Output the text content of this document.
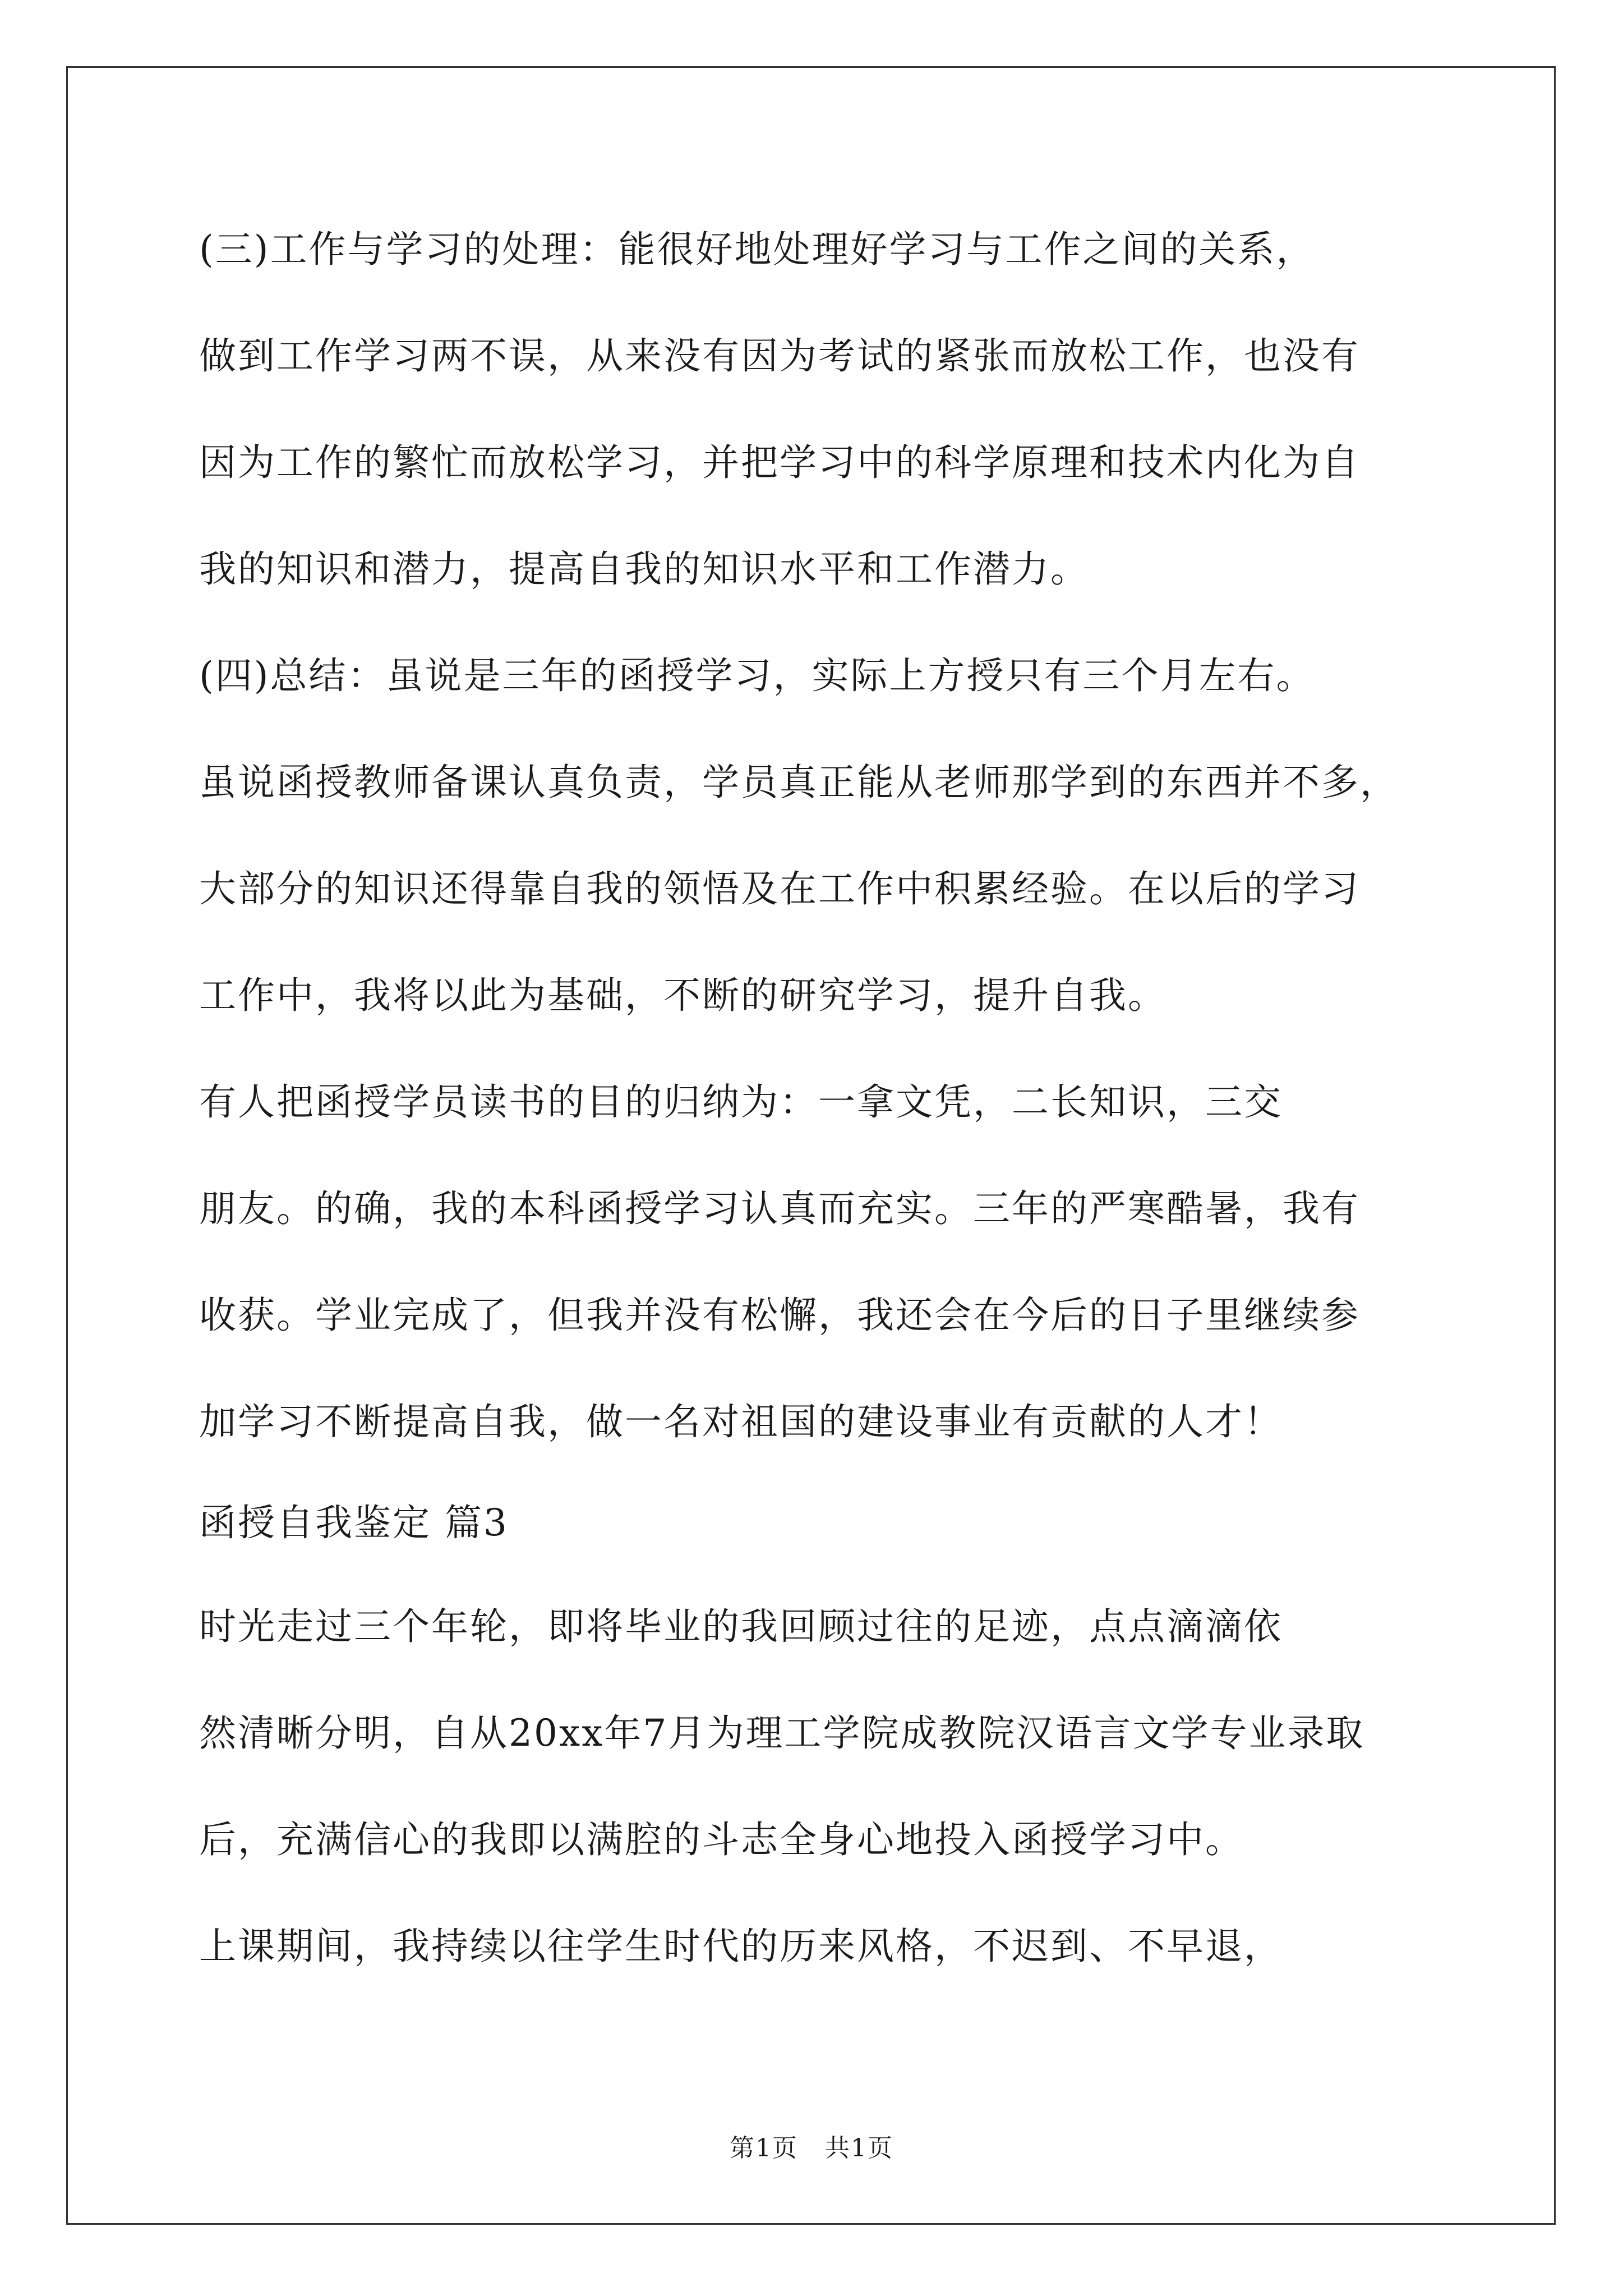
(三)工作与学习的处理：能很好地处理好学习与工作之间的关系，

做到工作学习两不误，从来没有因为考试的紧张而放松工作，也没有

因为工作的繁忙而放松学习，并把学习中的科学原理和技术内化为自

我的知识和潜力，提高自我的知识水平和工作潜力。

(四)总结：虽说是三年的函授学习，实际上方授只有三个月左右。

虽说函授教师备课认真负责，学员真正能从老师那学到的东西并不多，

大部分的知识还得靠自我的领悟及在工作中积累经验。在以后的学习

工作中，我将以此为基础，不断的研究学习，提升自我。

有人把函授学员读书的目的归纳为：一拿文凭，二长知识，三交

朋友。的确，我的本科函授学习认真而充实。三年的严寒酷暑，我有

收获。学业完成了，但我并没有松懈，我还会在今后的日子里继续参

加学习不断提高自我，做一名对祖国的建设事业有贡献的人才！

函授自我鉴定 篇3

时光走过三个年轮，即将毕业的我回顾过往的足迹，点点滴滴依

然清晰分明，自从20xx年7月为理工学院成教院汉语言文学专业录取

后，充满信心的我即以满腔的斗志全身心地投入函授学习中。

上课期间，我持续以往学生时代的历来风格，不迟到、不早退，

第1页   共1页
